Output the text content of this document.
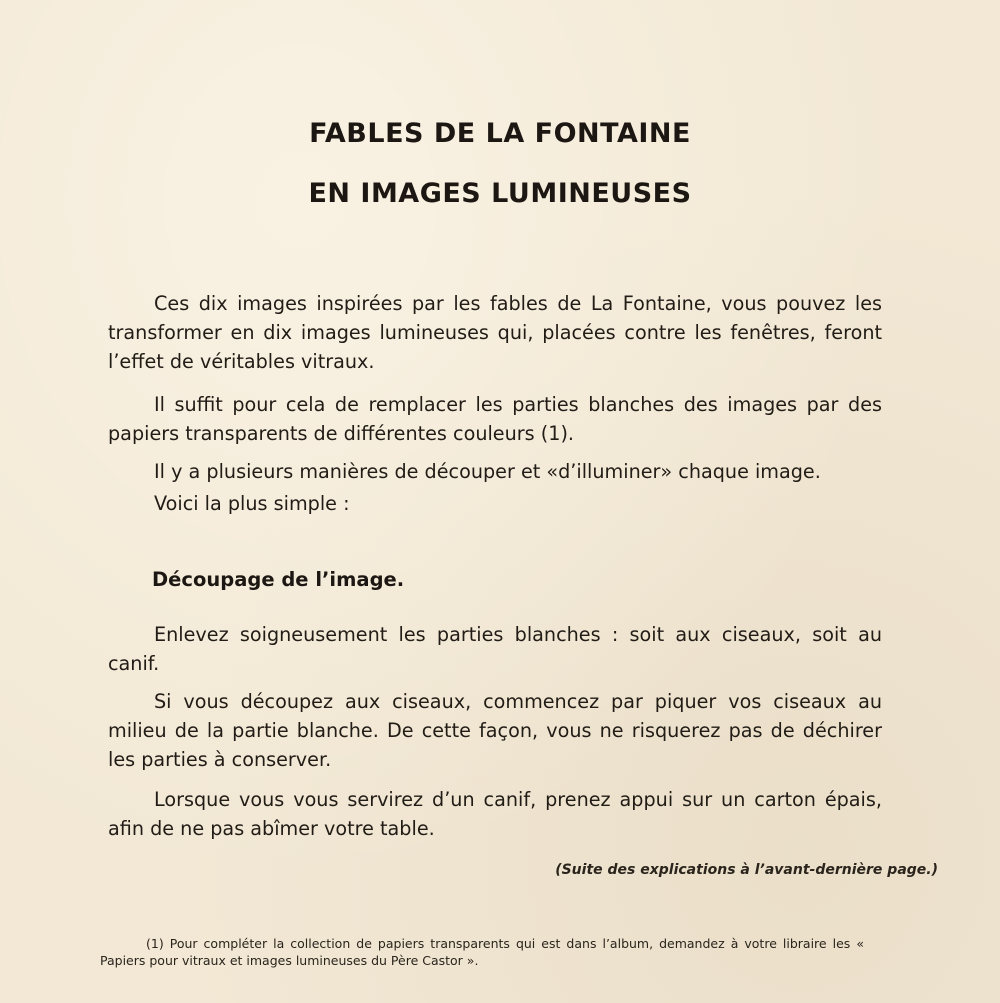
FABLES DE LA FONTAINE
EN IMAGES LUMINEUSES

Ces dix images inspirées par les fables de La Fontaine, vous pouvez les transformer en dix images lumineuses qui, placées contre les fenêtres, feront l’effet de véritables vitraux.

Il suffit pour cela de remplacer les parties blanches des images par des papiers transparents de différentes couleurs (1).

Il y a plusieurs manières de découper et «d’illuminer» chaque image.

Voici la plus simple :

Découpage de l’image.

Enlevez soigneusement les parties blanches : soit aux ciseaux, soit au canif.

Si vous découpez aux ciseaux, commencez par piquer vos ciseaux au milieu de la partie blanche. De cette façon, vous ne risquerez pas de déchirer les parties à conserver.

Lorsque vous vous servirez d’un canif, prenez appui sur un carton épais, afin de ne pas abîmer votre table.

(Suite des explications à l’avant-dernière page.)

(1) Pour compléter la collection de papiers transparents qui est dans l’album, demandez à votre libraire les « Papiers pour vitraux et images lumineuses du Père Castor ».
